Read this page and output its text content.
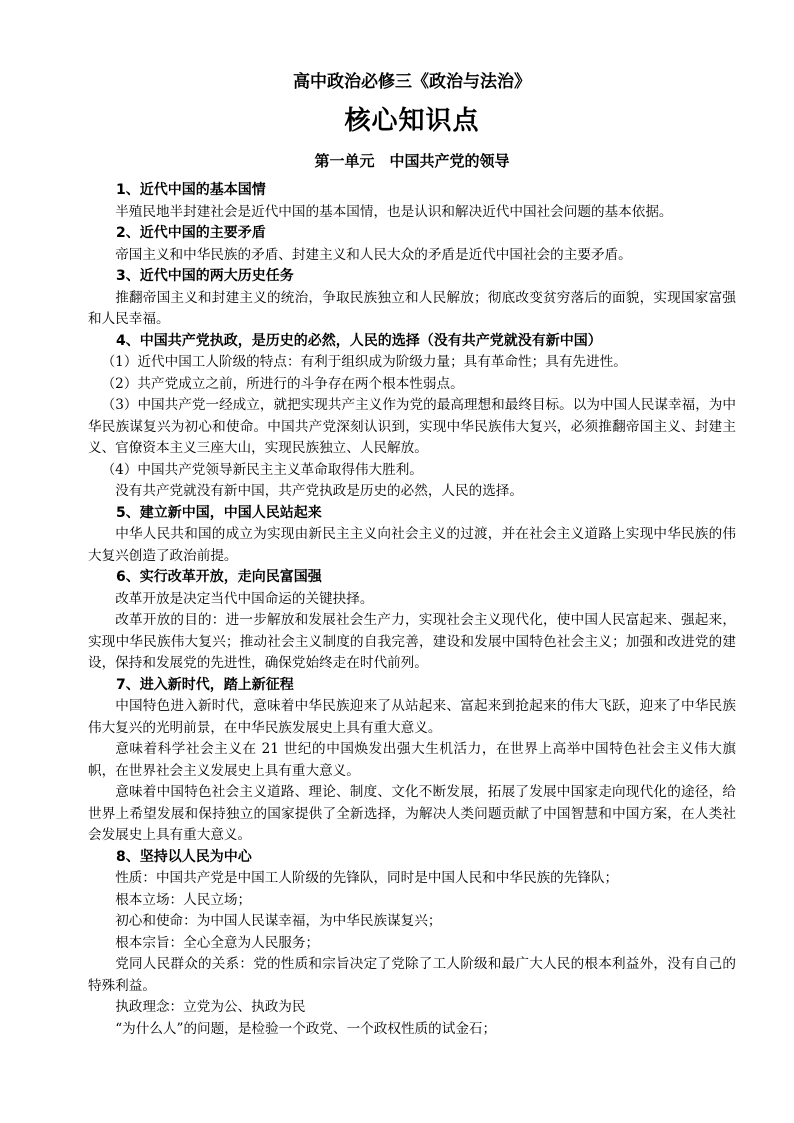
高中政治必修三《政治与法治》
核心知识点
第一单元　中国共产党的领导
1、近代中国的基本国情
半殖民地半封建社会是近代中国的基本国情，也是认识和解决近代中国社会问题的基本依据。
2、近代中国的主要矛盾
帝国主义和中华民族的矛盾、封建主义和人民大众的矛盾是近代中国社会的主要矛盾。
3、近代中国的两大历史任务
推翻帝国主义和封建主义的统治，争取民族独立和人民解放；彻底改变贫穷落后的面貌，实现国家富强和人民幸福。
4、中国共产党执政，是历史的必然，人民的选择（没有共产党就没有新中国）
（1）近代中国工人阶级的特点：有利于组织成为阶级力量；具有革命性；具有先进性。
（2）共产党成立之前，所进行的斗争存在两个根本性弱点。
（3）中国共产党一经成立，就把实现共产主义作为党的最高理想和最终目标。以为中国人民谋幸福，为中华民族谋复兴为初心和使命。中国共产党深刻认识到，实现中华民族伟大复兴，必须推翻帝国主义、封建主义、官僚资本主义三座大山，实现民族独立、人民解放。
（4）中国共产党领导新民主主义革命取得伟大胜利。
没有共产党就没有新中国，共产党执政是历史的必然，人民的选择。
5、建立新中国，中国人民站起来
中华人民共和国的成立为实现由新民主主义向社会主义的过渡，并在社会主义道路上实现中华民族的伟大复兴创造了政治前提。
6、实行改革开放，走向民富国强
改革开放是决定当代中国命运的关键抉择。
改革开放的目的：进一步解放和发展社会生产力，实现社会主义现代化，使中国人民富起来、强起来，实现中华民族伟大复兴；推动社会主义制度的自我完善，建设和发展中国特色社会主义；加强和改进党的建设，保持和发展党的先进性，确保党始终走在时代前列。
7、进入新时代，踏上新征程
中国特色进入新时代，意味着中华民族迎来了从站起来、富起来到抢起来的伟大飞跃，迎来了中华民族伟大复兴的光明前景，在中华民族发展史上具有重大意义。
意味着科学社会主义在 21 世纪的中国焕发出强大生机活力，在世界上高举中国特色社会主义伟大旗帜，在世界社会主义发展史上具有重大意义。
意味着中国特色社会主义道路、理论、制度、文化不断发展，拓展了发展中国家走向现代化的途径，给世界上希望发展和保持独立的国家提供了全新选择，为解决人类问题贡献了中国智慧和中国方案，在人类社会发展史上具有重大意义。
8、坚持以人民为中心
性质：中国共产党是中国工人阶级的先锋队，同时是中国人民和中华民族的先锋队；
根本立场：人民立场；
初心和使命：为中国人民谋幸福，为中华民族谋复兴；
根本宗旨：全心全意为人民服务；
党同人民群众的关系：党的性质和宗旨决定了党除了工人阶级和最广大人民的根本利益外，没有自己的特殊利益。
执政理念：立党为公、执政为民
“为什么人”的问题，是检验一个政党、一个政权性质的试金石；
